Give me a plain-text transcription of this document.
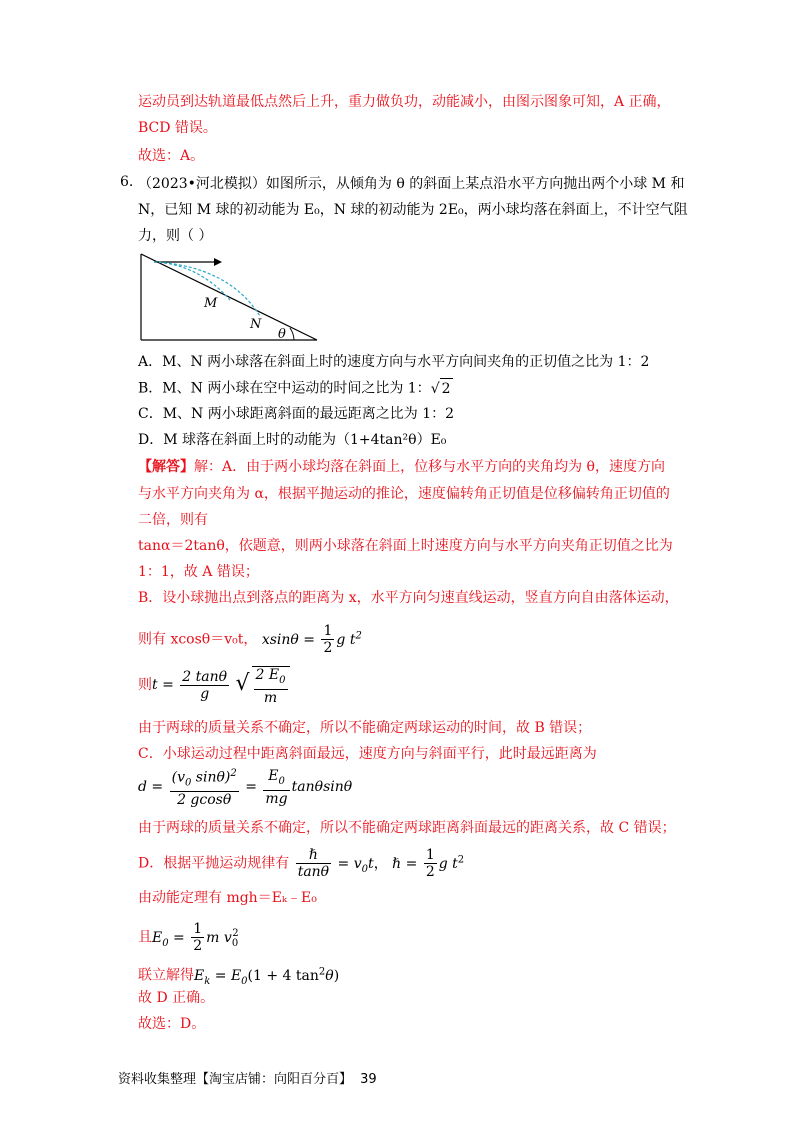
运动员到达轨道最低点然后上升，重力做负功，动能减小，由图示图象可知，A 正确，
BCD 错误。
故选：A。
6. （2023•河北模拟）如图所示，从倾角为 θ 的斜面上某点沿水平方向抛出两个小球 M 和
N，已知 M 球的初动能为 E₀，N 球的初动能为 2E₀，两小球均落在斜面上，不计空气阻
力，则（ ）
M
N
θ
A．M、N 两小球落在斜面上时的速度方向与水平方向间夹角的正切值之比为 1：2
B．M、N 两小球在空中运动的时间之比为 1：√ 2
C．M、N 两小球距离斜面的最远距离之比为 1：2
D．M 球落在斜面上时的动能为（1+4tan²θ）E₀
【解答】解：A．由于两小球均落在斜面上，位移与水平方向的夹角均为 θ，速度方向
与水平方向夹角为 α，根据平抛运动的推论，速度偏转角正切值是位移偏转角正切值的
二倍，则有
tanα＝2tanθ，依题意，则两小球落在斜面上时速度方向与水平方向夹角正切值之比为
1：1，故 A 错误；
B．设小球抛出点到落点的距离为 x，水平方向匀速直线运动，竖直方向自由落体运动，
则有 xcosθ＝v₀t， $xsin\theta = \frac{1}{2}$ g $t^2$
则$t = \frac{2 \tan\theta}{g}$ √ $\frac{2 E_0}{m}$
由于两球的质量关系不确定，所以不能确定两球运动的时间，故 B 错误；
C．小球运动过程中距离斜面最远，速度方向与斜面平行，此时最远距离为
$d = \frac{(v_0 \sin\theta)^2}{2 gcos\theta} = \frac{E_0}{mg}$ tanθsinθ
由于两球的质量关系不确定，所以不能确定两球距离斜面最远的距离关系，故 C 错误；
D．根据平抛运动规律有 $\frac{\text{ℏ}}{\tan\theta} = v_0t$， ℏ = $\frac{1}{2}$ g $t^2$
由动能定理有 mgh＝Eₖ﹣E₀
且$E_0 = \frac{1}{2}$ m $v_0^2$
联立解得$E_k = E_0(1 + 4$ $\tan^2\theta$)
故 D 正确。
故选：D。
资料收集整理【淘宝店铺：向阳百分百】 39
